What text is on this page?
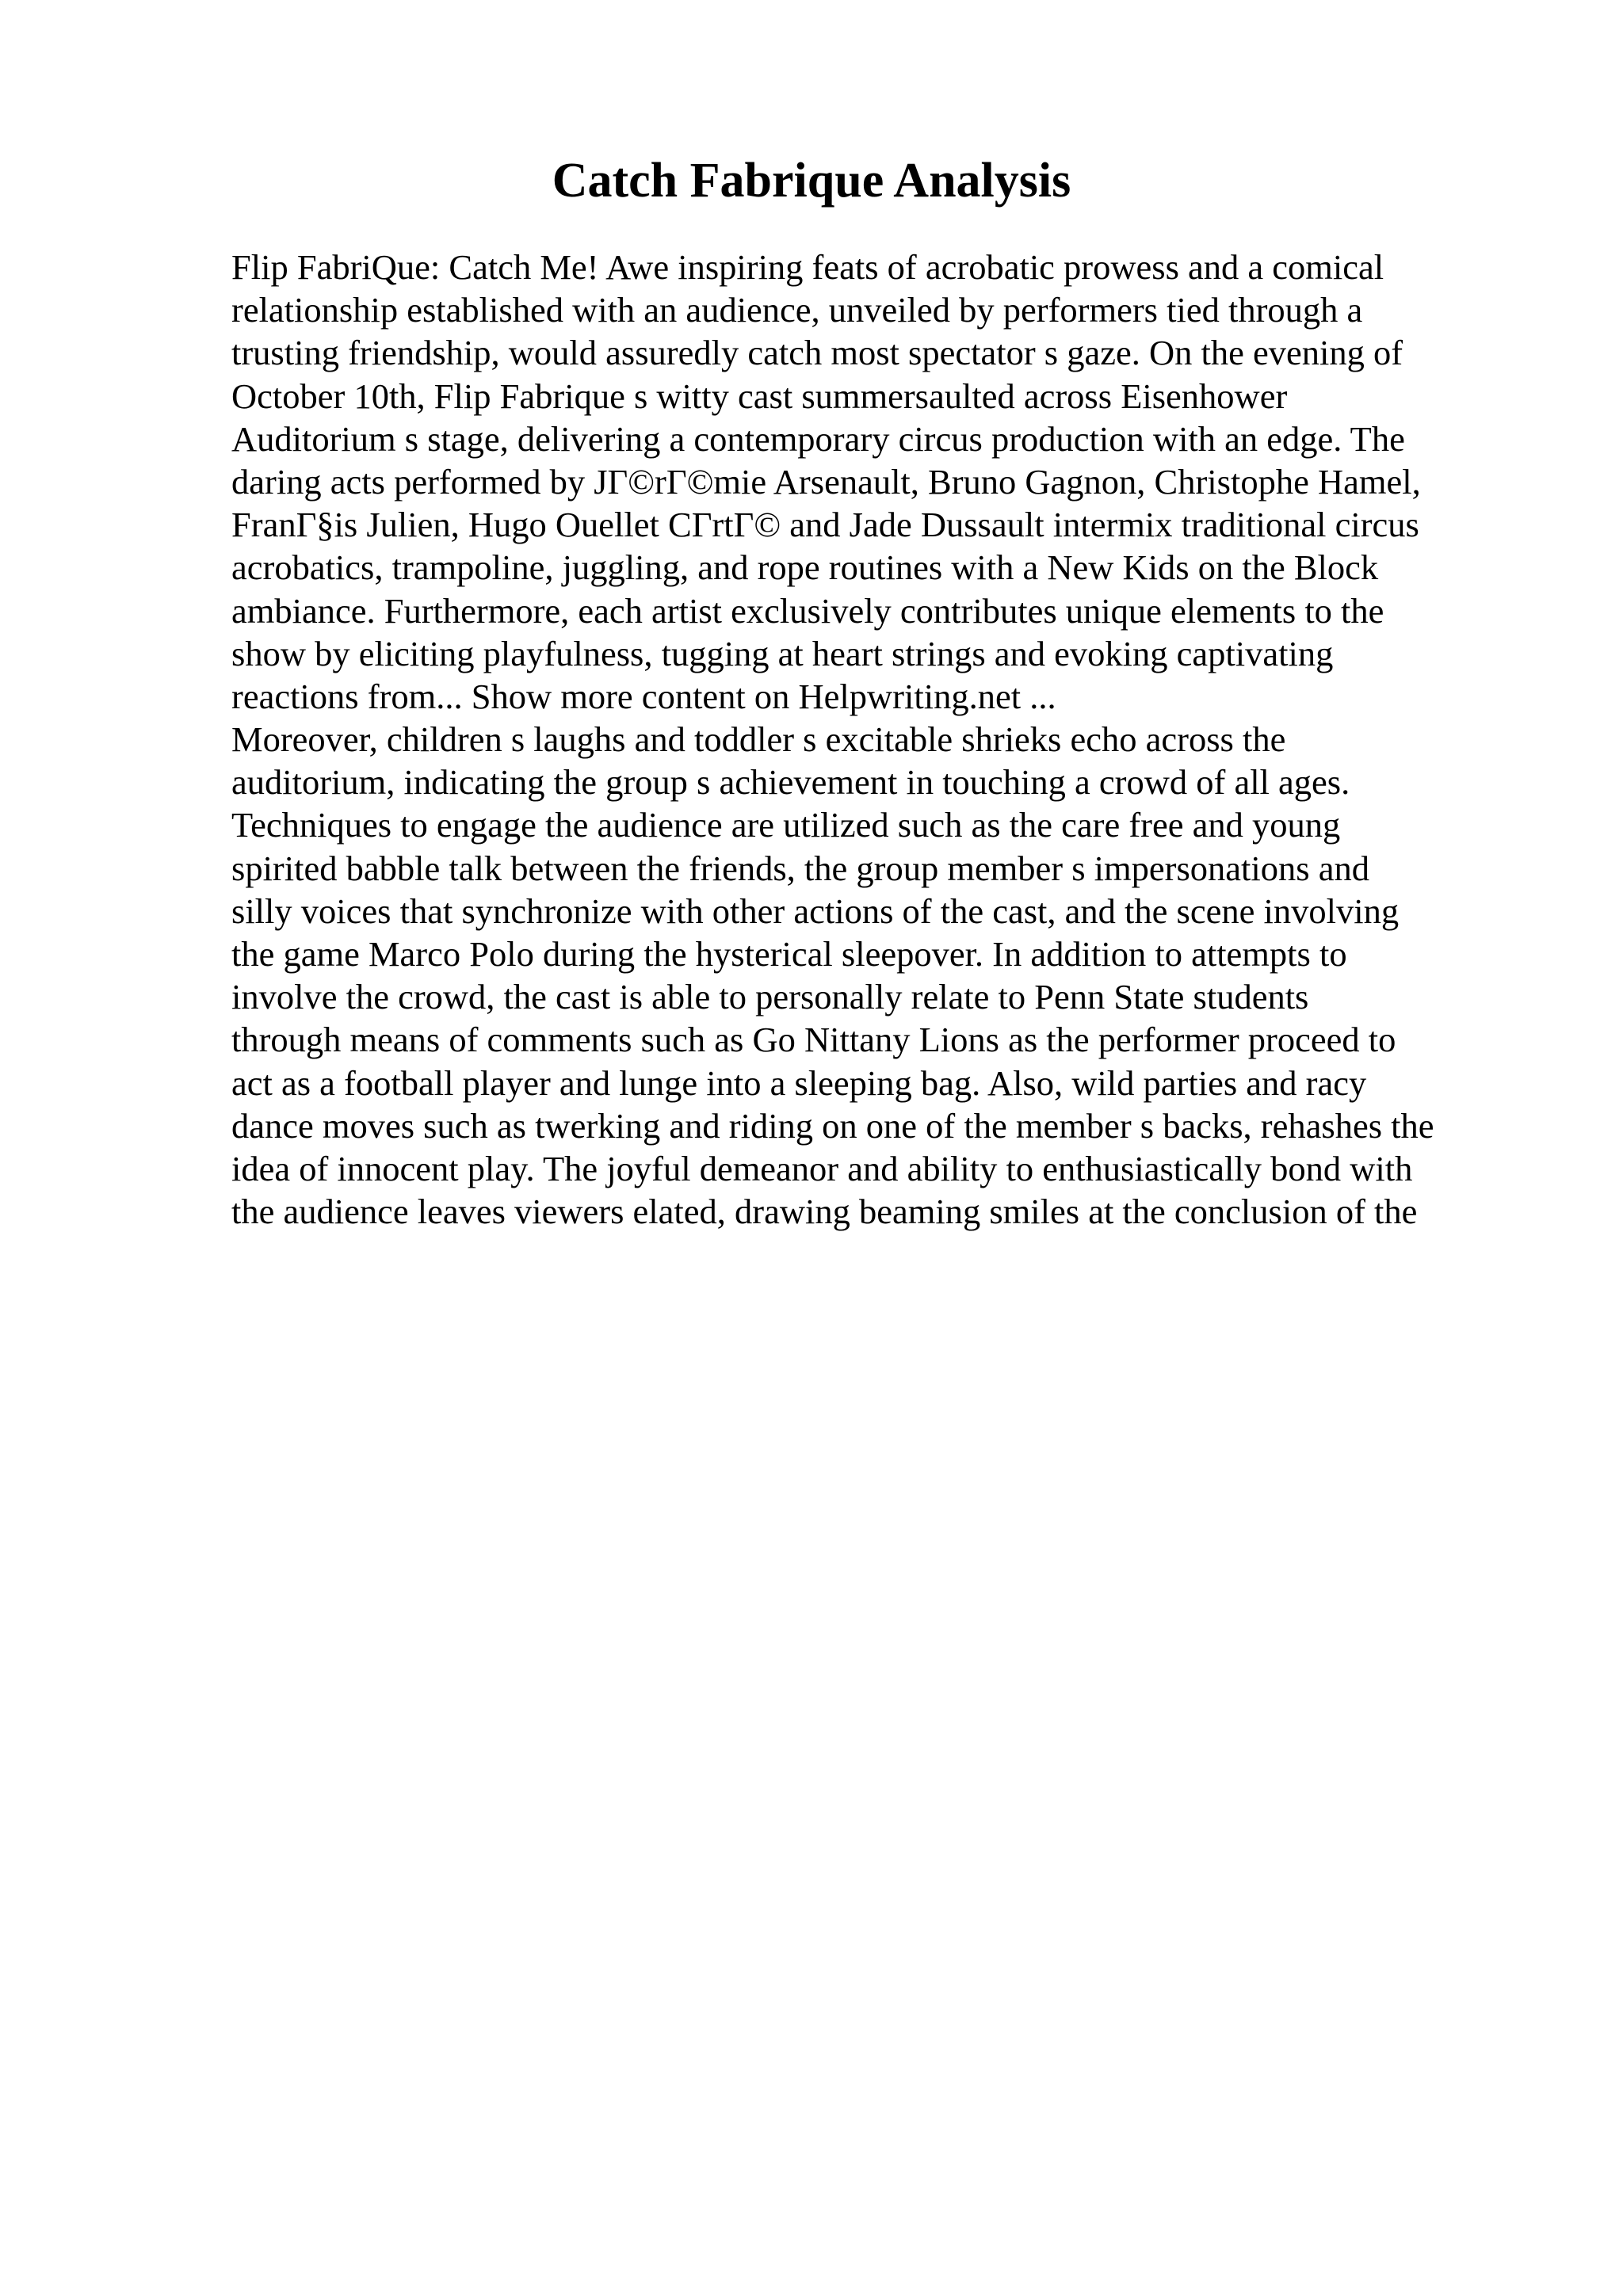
Catch Fabrique Analysis
Flip FabriQue: Catch Me! Awe inspiring feats of acrobatic prowess and a comical
relationship established with an audience, unveiled by performers tied through a
trusting friendship, would assuredly catch most spectator s gaze. On the evening of
October 10th, Flip Fabrique s witty cast summersaulted across Eisenhower
Auditorium s stage, delivering a contemporary circus production with an edge. The
daring acts performed by JΓ©rΓ©mie Arsenault, Bruno Gagnon, Christophe Hamel,
FranΓ§is Julien, Hugo Ouellet CΓrtΓ© and Jade Dussault intermix traditional circus
acrobatics, trampoline, juggling, and rope routines with a New Kids on the Block
ambiance. Furthermore, each artist exclusively contributes unique elements to the
show by eliciting playfulness, tugging at heart strings and evoking captivating
reactions from... Show more content on Helpwriting.net ...
Moreover, children s laughs and toddler s excitable shrieks echo across the
auditorium, indicating the group s achievement in touching a crowd of all ages.
Techniques to engage the audience are utilized such as the care free and young
spirited babble talk between the friends, the group member s impersonations and
silly voices that synchronize with other actions of the cast, and the scene involving
the game Marco Polo during the hysterical sleepover. In addition to attempts to
involve the crowd, the cast is able to personally relate to Penn State students
through means of comments such as Go Nittany Lions as the performer proceed to
act as a football player and lunge into a sleeping bag. Also, wild parties and racy
dance moves such as twerking and riding on one of the member s backs, rehashes the
idea of innocent play. The joyful demeanor and ability to enthusiastically bond with
the audience leaves viewers elated, drawing beaming smiles at the conclusion of the
